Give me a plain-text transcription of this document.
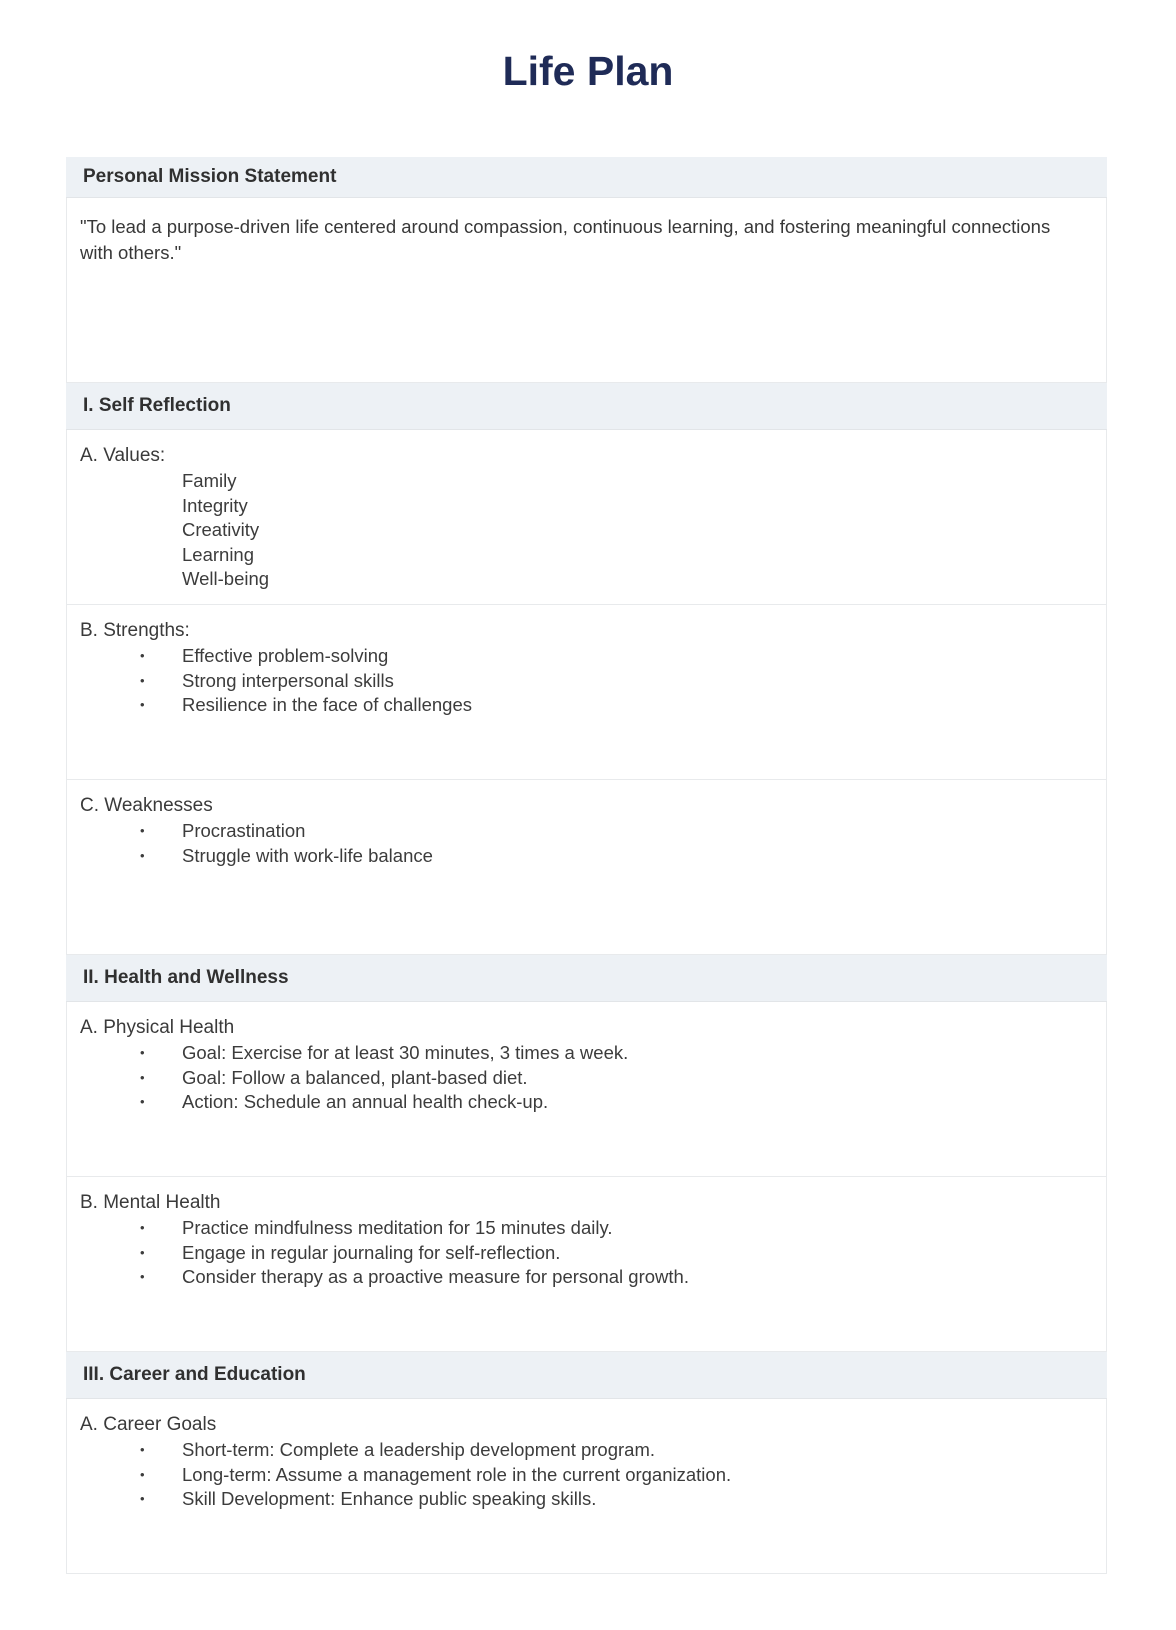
Life Plan
Personal Mission Statement
"To lead a purpose-driven life centered around compassion, continuous learning, and fostering meaningful connections with others."
I. Self Reflection
A. Values:
Family
Integrity
Creativity
Learning
Well-being
B. Strengths:
• Effective problem-solving
• Strong interpersonal skills
• Resilience in the face of challenges
C. Weaknesses
• Procrastination
• Struggle with work-life balance
II. Health and Wellness
A. Physical Health
• Goal: Exercise for at least 30 minutes, 3 times a week.
• Goal: Follow a balanced, plant-based diet.
• Action: Schedule an annual health check-up.
B. Mental Health
• Practice mindfulness meditation for 15 minutes daily.
• Engage in regular journaling for self-reflection.
• Consider therapy as a proactive measure for personal growth.
III. Career and Education
A. Career Goals
• Short-term: Complete a leadership development program.
• Long-term: Assume a management role in the current organization.
• Skill Development: Enhance public speaking skills.
